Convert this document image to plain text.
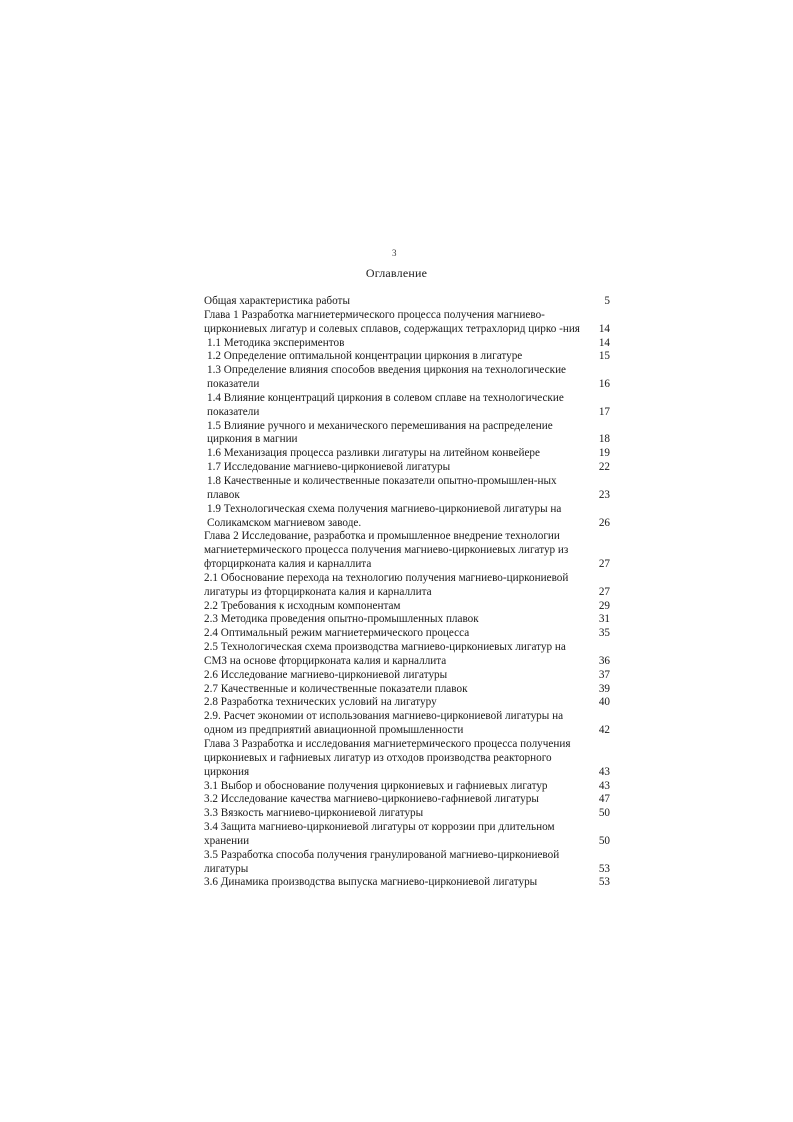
3
Оглавление
Общая характеристика работы	5
Глава 1 Разработка магниетермического процесса получения магниево-циркониевых лигатур и солевых сплавов, содержащих тетрахлорид цирко -ния	14
1.1 Методика экспериментов	14
1.2 Определение оптимальной концентрации циркония в лигатуре	15
1.3 Определение влияния способов введения циркония на технологические показатели	16
1.4 Влияние концентраций циркония в солевом сплаве на технологические показатели	17
1.5 Влияние ручного и механического перемешивания на распределение циркония в магнии	18
1.6 Механизация процесса разливки лигатуры на литейном конвейере	19
1.7 Исследование магниево-циркониевой лигатуры	22
1.8 Качественные и количественные показатели опытно-промышлен-ных плавок	23
1.9 Технологическая схема получения магниево-циркониевой лигатуры на Соликамском магниевом заводе.	26
Глава 2 Исследование, разработка и промышленное внедрение технологии магниетермического процесса получения магниево-циркониевых лигатур из фторцирконата калия и карналлита	27
2.1 Обоснование перехода на технологию получения магниево-циркониевой лигатуры из фторцирконата калия и карналлита	27
2.2 Требования к исходным компонентам	29
2.3 Методика проведения опытно-промышленных плавок	31
2.4 Оптимальный режим магниетермического процесса	35
2.5 Технологическая схема производства магниево-циркониевых лигатур на СМЗ на основе фторцирконата калия и карналлита	36
2.6 Исследование магниево-циркониевой лигатуры	37
2.7 Качественные и количественные показатели плавок	39
2.8 Разработка технических условий на лигатуру	40
2.9. Расчет экономии от использования магниево-циркониевой лигатуры на одном из предприятий авиационной промышленности	42
Глава 3 Разработка и исследования магниетермического процесса получения циркониевых и гафниевых лигатур из отходов производства реакторного циркония	43
3.1 Выбор и обоснование получения циркониевых и гафниевых лигатур	43
3.2 Исследование качества магниево-циркониево-гафниевой лигатуры	47
3.3 Вязкость магниево-циркониевой лигатуры	50
3.4 Защита магниево-циркониевой лигатуры от коррозии при длительном хранении	50
3.5 Разработка способа получения гранулированой магниево-циркониевой лигатуры	53
3.6 Динамика производства выпуска магниево-циркониевой лигатуры	53
